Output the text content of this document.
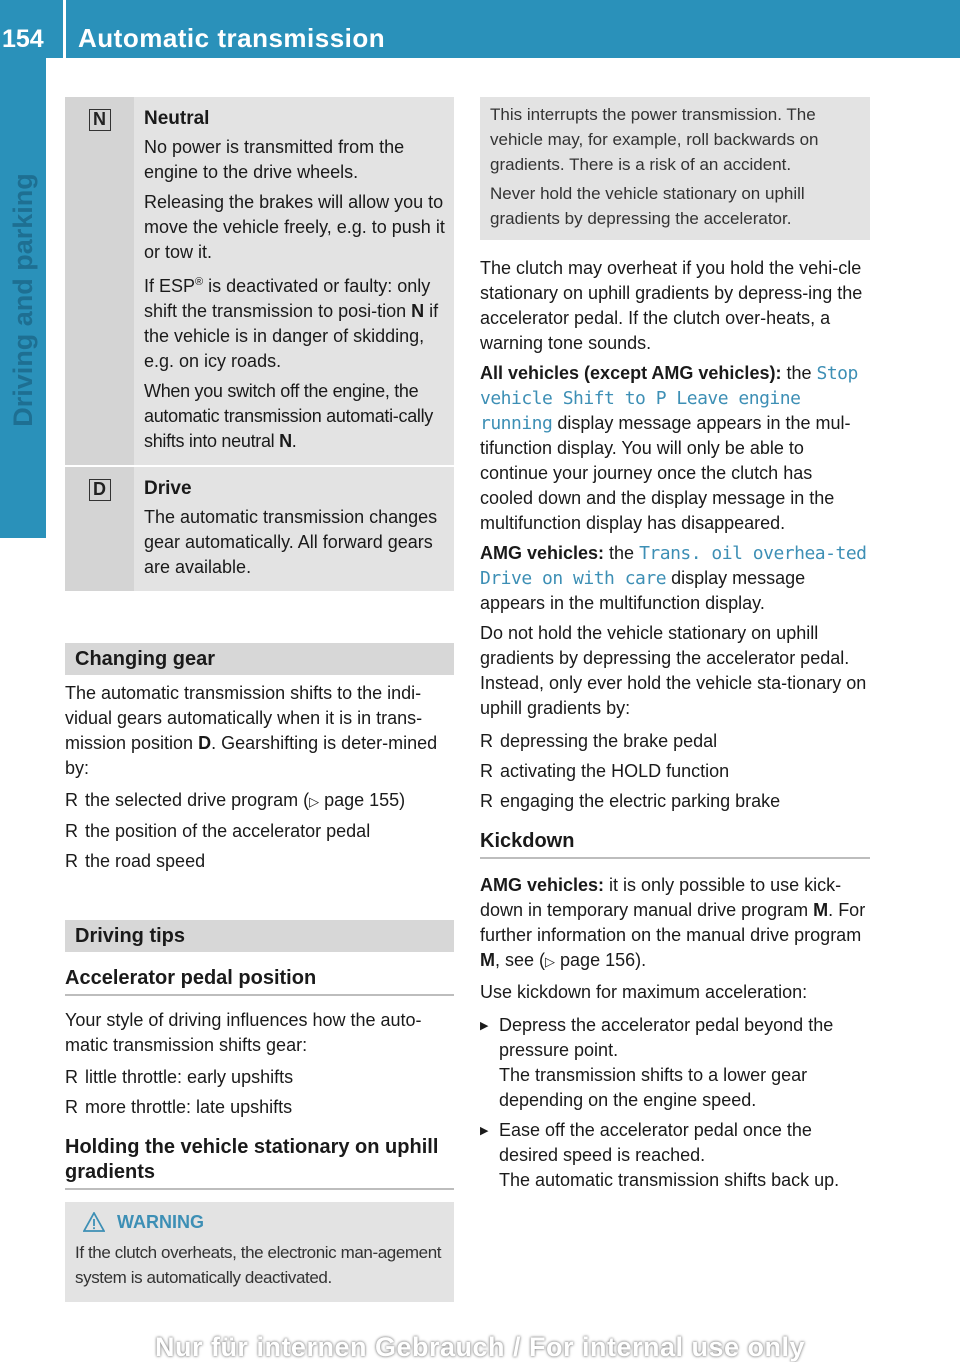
154 Automatic transmission
Driving and parking
N Neutral

No power is transmitted from the engine to the drive wheels.

Releasing the brakes will allow you to move the vehicle freely, e.g. to push it or tow it.

If ESP® is deactivated or faulty: only shift the transmission to posi-tion N if the vehicle is in danger of skidding, e.g. on icy roads.

When you switch off the engine, the automatic transmission automati-cally shifts into neutral N.

D Drive

The automatic transmission changes gear automatically. All forward gears are available.

Changing gear

The automatic transmission shifts to the indi-vidual gears automatically when it is in trans-mission position D. Gearshifting is deter-mined by:

R the selected drive program (▷ page 155)
R the position of the accelerator pedal
R the road speed
Driving tips
Accelerator pedal position

Your style of driving influences how the auto-matic transmission shifts gear:

R little throttle: early upshifts
R more throttle: late upshifts
Holding the vehicle stationary on uphill gradients
WARNING

If the clutch overheats, the electronic man-agement system is automatically deactivated.

This interrupts the power transmission. The vehicle may, for example, roll backwards on gradients. There is a risk of an accident.

Never hold the vehicle stationary on uphill gradients by depressing the accelerator.

The clutch may overheat if you hold the vehi-cle stationary on uphill gradients by depress-ing the accelerator pedal. If the clutch over-heats, a warning tone sounds.

All vehicles (except AMG vehicles): the Stop vehicle Shift to P Leave engine running display message appears in the mul-tifunction display. You will only be able to continue your journey once the clutch has cooled down and the display message in the multifunction display has disappeared.

AMG vehicles: the Trans. oil overhea-ted Drive on with care display message appears in the multifunction display.

Do not hold the vehicle stationary on uphill gradients by depressing the accelerator pedal. Instead, only ever hold the vehicle sta-tionary on uphill gradients by:

R depressing the brake pedal
R activating the HOLD function
R engaging the electric parking brake
Kickdown

AMG vehicles: it is only possible to use kick-down in temporary manual drive program M. For further information on the manual drive program M, see (▷ page 156).

Use kickdown for maximum acceleration:

▶ Depress the accelerator pedal beyond the pressure point.
The transmission shifts to a lower gear depending on the engine speed.
▶ Ease off the accelerator pedal once the desired speed is reached.
The automatic transmission shifts back up.
Nur für internen Gebrauch / For internal use only
